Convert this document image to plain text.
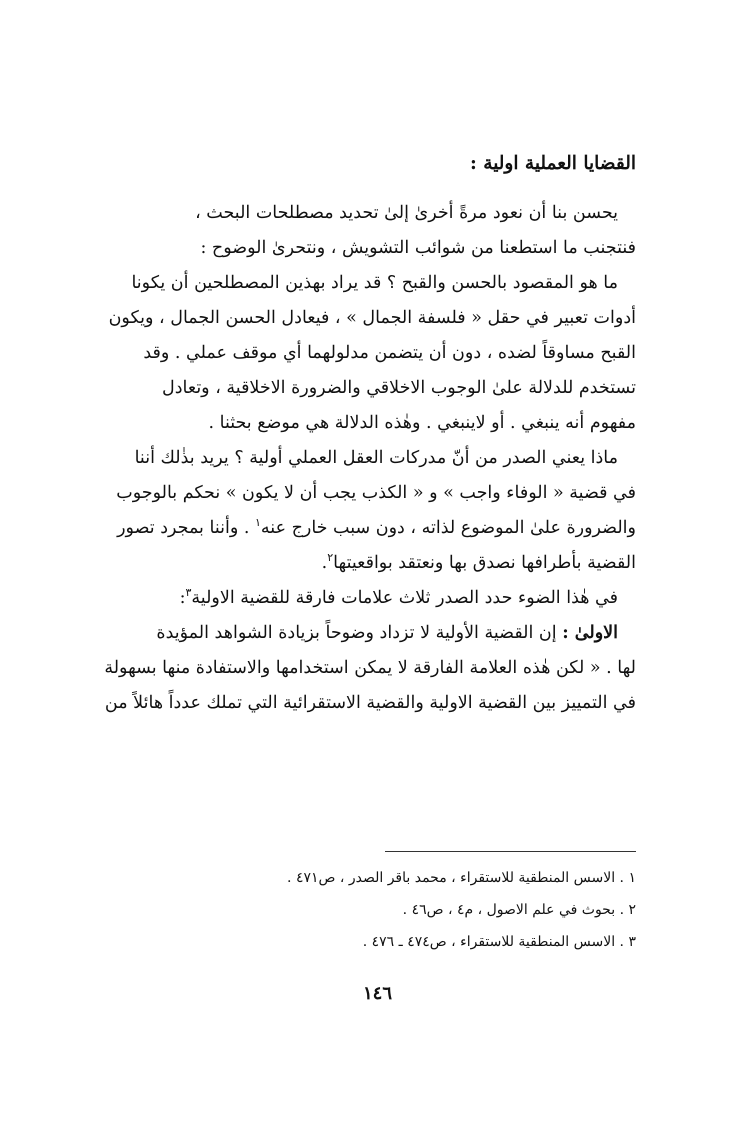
القضايا العملية اولية :
يحسن بنا أن نعود مرةً أخرىٰ إلىٰ تحديد مصطلحات البحث ،
فنتجنب ما استطعنا من شوائب التشويش ، ونتحرىٰ الوضوح :
ما هو المقصود بالحسن والقبح ؟ قد يراد بهذين المصطلحين أن يكونا
أدوات تعبير في حقل « فلسفة الجمال » ، فيعادل الحسن الجمال ، ويكون
القبح مساوقاً لضده ، دون أن يتضمن مدلولهما أي موقف عملي . وقد
تستخدم للدلالة علىٰ الوجوب الاخلاقي والضرورة الاخلاقية ، وتعادل
مفهوم أنه ينبغي . أو لاينبغي . وهٰذه الدلالة هي موضع بحثنا .
ماذا يعني الصدر من أنّ مدركات العقل العملي أولية ؟ يريد بذٰلك أننا
في قضية « الوفاء واجب » و « الكذب يجب أن لا يكون » نحكم بالوجوب
والضرورة علىٰ الموضوع لذاته ، دون سبب خارج عنه$^١$ . وأننا بمجرد تصور
القضية بأطرافها نصدق بها ونعتقد بواقعيتها$^٢$.
في هٰذا الضوء حدد الصدر ثلاث علامات فارقة للقضية الاولية$^٣$:
الاولىٰ : إن القضية الأولية لا تزداد وضوحاً بزيادة الشواهد المؤيدة
لها . « لكن هٰذه العلامة الفارقة لا يمكن استخدامها والاستفادة منها بسهولة
في التمييز بين القضية الاولية والقضية الاستقرائية التي تملك عدداً هائلاً من
١ . الاسس المنطقية للاستقراء ، محمد باقر الصدر ، ص٤٧١ .
٢ . بحوث في علم الاصول ، م٤ ، ص٤٦ .
٣ . الاسس المنطقية للاستقراء ، ص٤٧٤ ـ ٤٧٦ .
١٤٦
